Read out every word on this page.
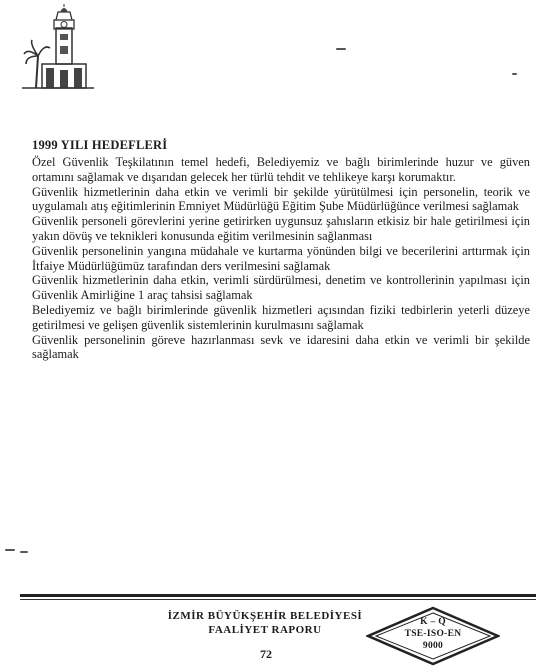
1999 YILI HEDEFLERİ

Özel Güvenlik Teşkilatının temel hedefi, Belediyemiz ve bağlı birimlerinde huzur ve güven ortamını sağlamak ve dışarıdan gelecek her türlü tehdit ve tehlikeye karşı korumaktır.

Güvenlik hizmetlerinin daha etkin ve verimli bir şekilde yürütülmesi için personelin, teorik ve uygulamalı atış eğitimlerinin Emniyet Müdürlüğü Eğitim Şube Müdürlüğünce verilmesi sağlamak

Güvenlik personeli görevlerini yerine getirirken uygunsuz şahısların etkisiz bir hale getirilmesi için yakın dövüş ve teknikleri konusunda eğitim verilmesinin sağlanması

Güvenlik personelinin yangına müdahale ve kurtarma yönünden bilgi ve becerilerini arttırmak için İtfaiye Müdürlüğümüz tarafından ders verilmesini sağlamak

Güvenlik hizmetlerinin daha etkin, verimli sürdürülmesi, denetim ve kontrollerinin yapılması için Güvenlik Amirliğine 1 araç tahsisi sağlamak

Belediyemiz ve bağlı birimlerinde güvenlik hizmetleri açısından fiziki tedbirlerin yeterli düzeye getirilmesi ve gelişen güvenlik sistemlerinin kurulmasını sağlamak

Güvenlik personelinin göreve hazırlanması sevk ve idaresini daha etkin ve verimli bir şekilde sağlamak

İZMİR BÜYÜKŞEHİR BELEDİYESİ
FAALİYET RAPORU
72
K – Q
TSE-ISO-EN
9000
